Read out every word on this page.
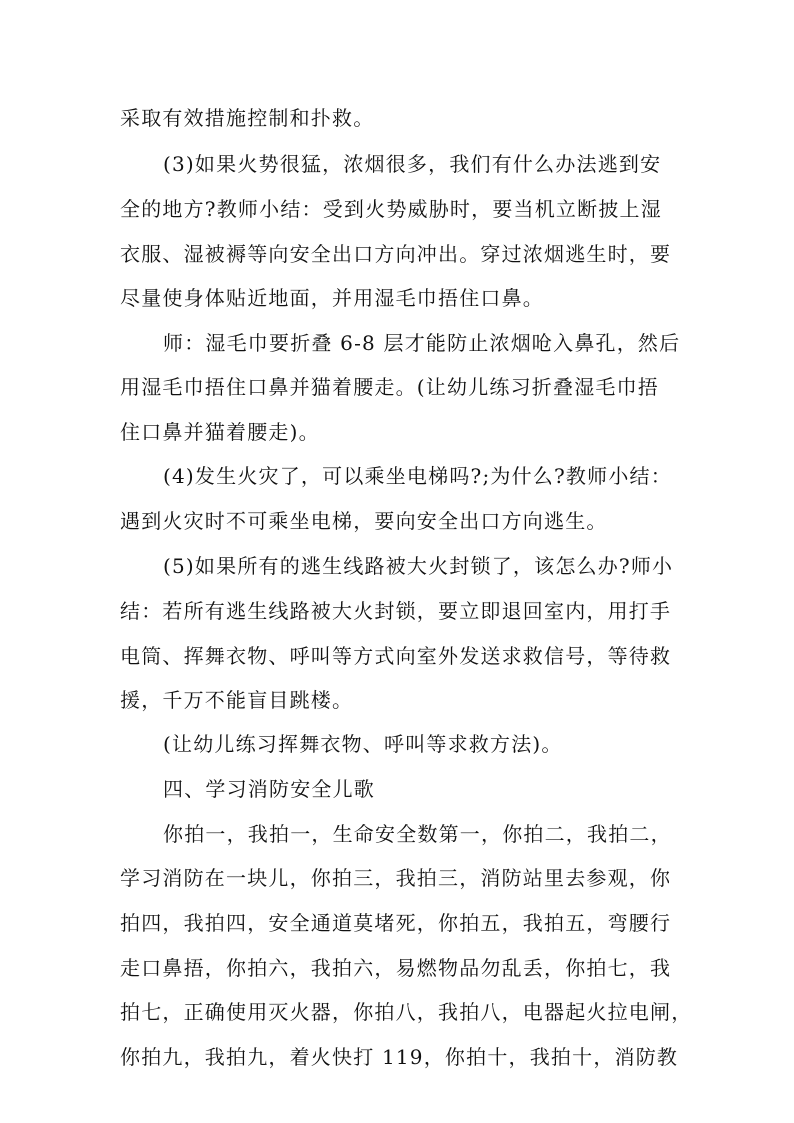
采取有效措施控制和扑救。
(3)如果火势很猛，浓烟很多，我们有什么办法逃到安
全的地方?教师小结：受到火势威胁时，要当机立断披上湿
衣服、湿被褥等向安全出口方向冲出。穿过浓烟逃生时，要
尽量使身体贴近地面，并用湿毛巾捂住口鼻。
师：湿毛巾要折叠 6-8 层才能防止浓烟呛入鼻孔，然后
用湿毛巾捂住口鼻并猫着腰走。(让幼儿练习折叠湿毛巾捂
住口鼻并猫着腰走)。
(4)发生火灾了，可以乘坐电梯吗?;为什么?教师小结：
遇到火灾时不可乘坐电梯，要向安全出口方向逃生。
(5)如果所有的逃生线路被大火封锁了，该怎么办?师小
结：若所有逃生线路被大火封锁，要立即退回室内，用打手
电筒、挥舞衣物、呼叫等方式向室外发送求救信号，等待救
援，千万不能盲目跳楼。
(让幼儿练习挥舞衣物、呼叫等求救方法)。
四、学习消防安全儿歌
你拍一，我拍一，生命安全数第一，你拍二，我拍二，
学习消防在一块儿，你拍三，我拍三，消防站里去参观，你
拍四，我拍四，安全通道莫堵死，你拍五，我拍五，弯腰行
走口鼻捂，你拍六，我拍六，易燃物品勿乱丢，你拍七，我
拍七，正确使用灭火器，你拍八，我拍八，电器起火拉电闸，
你拍九，我拍九，着火快打 119，你拍十，我拍十，消防教
